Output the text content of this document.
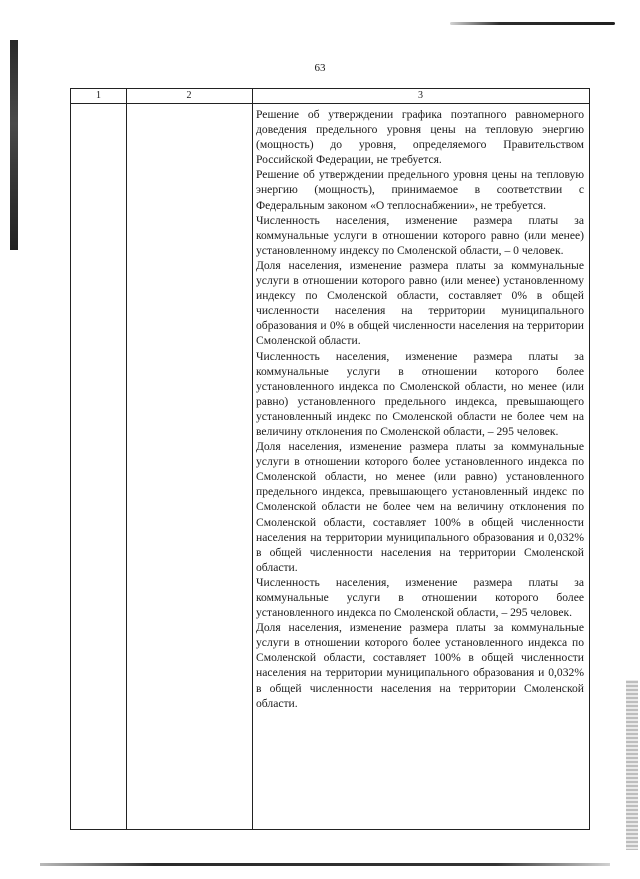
63
1	2	3

Решение об утверждении графика поэтапного равномерного доведения предельного уровня цены на тепловую энергию (мощность) до уровня, определяемого Правительством Российской Федерации, не требуется.

Решение об утверждении предельного уровня цены на тепловую энергию (мощность), принимаемое в соответствии с Федеральным законом «О теплоснабжении», не требуется.

Численность населения, изменение размера платы за коммунальные услуги в отношении которого равно (или менее) установленному индексу по Смоленской области, – 0 человек.

Доля населения, изменение размера платы за коммунальные услуги в отношении которого равно (или менее) установленному индексу по Смоленской области, составляет 0% в общей численности населения на территории муниципального образования и 0% в общей численности населения на территории Смоленской области.

Численность населения, изменение размера платы за коммунальные услуги в отношении которого более установленного индекса по Смоленской области, но менее (или равно) установленного предельного индекса, превышающего установленный индекс по Смоленской области не более чем на величину отклонения по Смоленской области, – 295 человек.

Доля населения, изменение размера платы за коммунальные услуги в отношении которого более установленного индекса по Смоленской области, но менее (или равно) установленного предельного индекса, превышающего установленный индекс по Смоленской области не более чем на величину отклонения по Смоленской области, составляет 100% в общей численности населения на территории муниципального образования и 0,032% в общей численности населения на территории Смоленской области.

Численность населения, изменение размера платы за коммунальные услуги в отношении которого более установленного индекса по Смоленской области, – 295 человек.

Доля населения, изменение размера платы за коммунальные услуги в отношении которого более установленного индекса по Смоленской области, составляет 100% в общей численности населения на территории муниципального образования и 0,032% в общей численности населения на территории Смоленской области.
